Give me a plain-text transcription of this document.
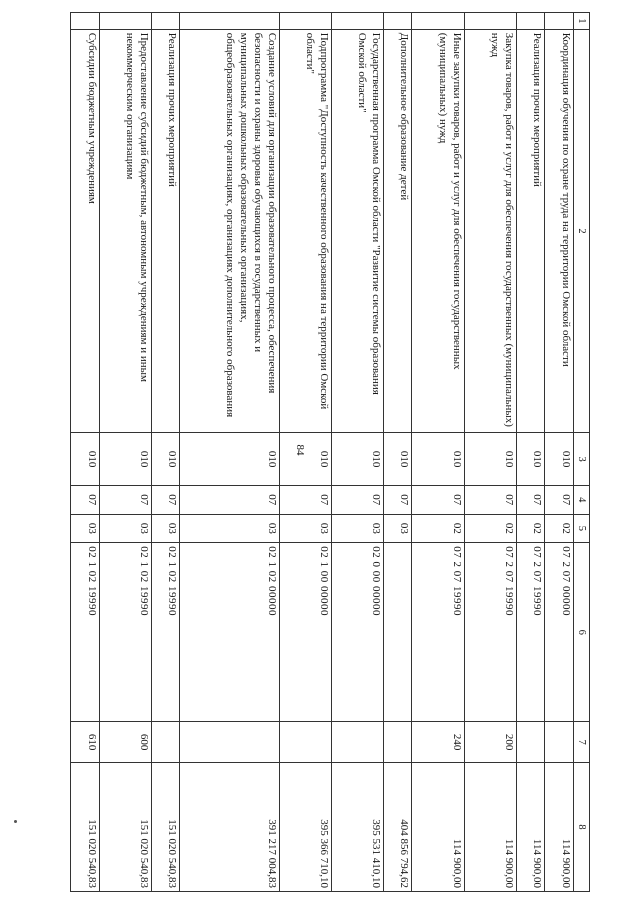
84
1	2	3	4	5	6	7	8
	Координация обучения по охране труда на территории Омской области	010	07	02	07 2 07 00000		114 900,00
	Реализация прочих мероприятий	010	07	02	07 2 07 19990		114 900,00
	Закупка товаров, работ и услуг для обеспечения государственных (муниципальных) нужд	010	07	02	07 2 07 19990	200	114 900,00
	Иные закупки товаров, работ и услуг для обеспечения государственных (муниципальных) нужд	010	07	02	07 2 07 19990	240	114 900,00
	Дополнительное образование детей	010	07	03			404 856 794,62
	Государственная программа Омской области "Развитие системы образования Омской области"	010	07	03	02 0 00 00000		395 531 410,10
	Подпрограмма "Доступность качественного образования на территории Омской области"	010	07	03	02 1 00 00000		395 366 710,10
	Создание условий для организации образовательного процесса, обеспечения безопасности и охраны здоровья обучающихся в государственных и муниципальных дошкольных образовательных организациях, общеобразовательных организациях, организациях дополнительного образования	010	07	03	02 1 02 00000		391 217 004,83
	Реализация прочих мероприятий	010	07	03	02 1 02 19990		151 020 540,83
	Предоставление субсидий бюджетным, автономным учреждениям и иным некоммерческим организациям	010	07	03	02 1 02 19990	600	151 020 540,83
	Субсидии бюджетным учреждениям	010	07	03	02 1 02 19990	610	151 020 540,83
